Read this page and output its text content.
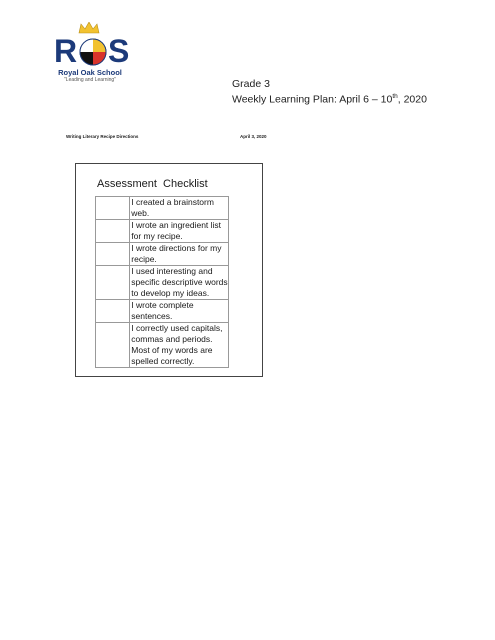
R S
Royal Oak School
"Leading and Learning"	Grade 3
Weekly Learning Plan: April 6 – 10th, 2020
Writing Literary Recipe Directions	April 3, 2020
Assessment  Checklist
	I created a brainstorm web.
	I wrote an ingredient list for my recipe.
	I wrote directions for my recipe.
	I used interesting and specific descriptive words to develop my ideas.
	I wrote complete sentences.
	I correctly used capitals, commas and periods. Most of my words are spelled correctly.
